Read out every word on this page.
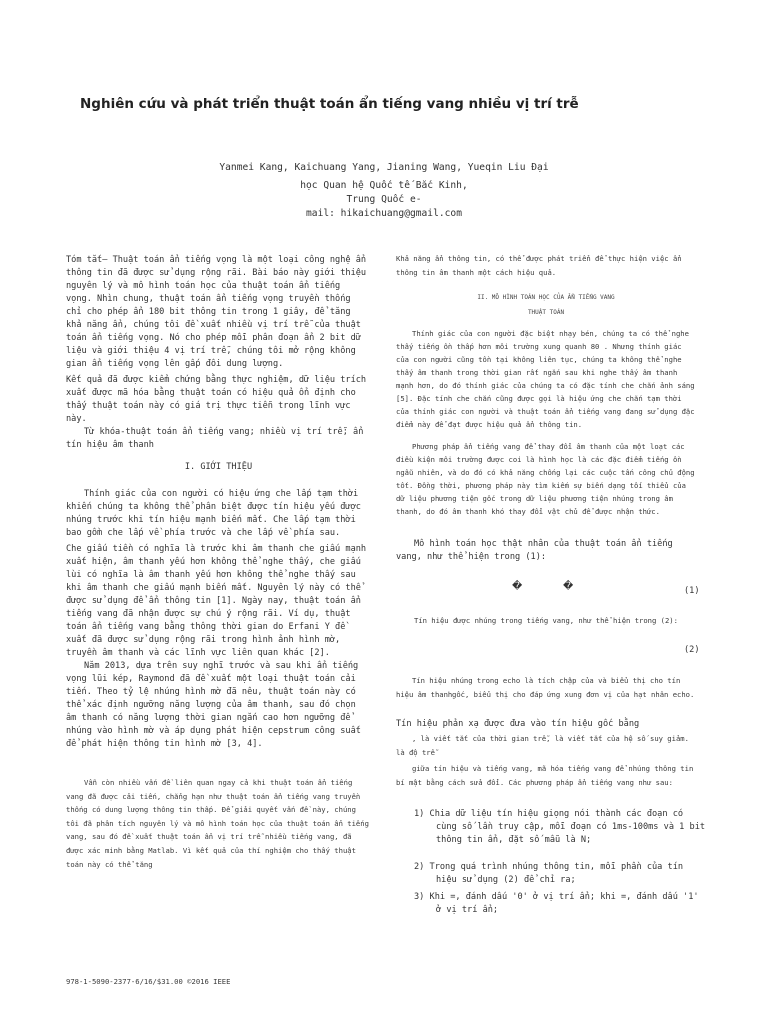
Nghiên cứu và phát triển thuật toán ẩn tiếng vang nhiều vị trí trễ
Yanmei Kang, Kaichuang Yang, Jianing Wang, Yueqin Liu Đại
học Quan hệ Quốc tế Bắc Kinh,
Trung Quốc e-
mail: hikaichuang@gmail.com

Tóm tắt— Thuật toán ẩn tiếng vọng là một loại công nghệ ẩn thông tin đã được sử dụng rộng rãi. Bài báo này giới thiệu nguyên lý và mô hình toán học của thuật toán ẩn tiếng vọng. Nhìn chung, thuật toán ẩn tiếng vọng truyền thống chỉ cho phép ẩn 180 bit thông tin trong 1 giây, để tăng khả năng ẩn, chúng tôi đề xuất nhiều vị trí trễ của thuật toán ẩn tiếng vọng. Nó cho phép mỗi phân đoạn ẩn 2 bit dữ liệu và giới thiệu 4 vị trí trễ, chúng tôi mở rộng không gian ẩn tiếng vọng lên gấp đôi dung lượng.

Kết quả đã được kiểm chứng bằng thực nghiệm, dữ liệu trích xuất được mã hóa bằng thuật toán có hiệu quả ổn định cho thấy thuật toán này có giá trị thực tiễn trong lĩnh vực này.

Từ khóa-thuật toán ẩn tiếng vang; nhiều vị trí trễ; ẩn tín hiệu âm thanh

I. GIỚI THIỆU

Thính giác của con người có hiệu ứng che lấp tạm thời khiến chúng ta không thể phân biệt được tín hiệu yếu được nhúng trước khi tín hiệu mạnh biến mất. Che lấp tạm thời bao gồm che lấp về phía trước và che lấp về phía sau.

Che giấu tiền có nghĩa là trước khi âm thanh che giấu mạnh xuất hiện, âm thanh yếu hơn không thể nghe thấy, che giấu lùi có nghĩa là âm thanh yếu hơn không thể nghe thấy sau khi âm thanh che giấu mạnh biến mất. Nguyên lý này có thể được sử dụng để ẩn thông tin [1]. Ngày nay, thuật toán ẩn tiếng vang đã nhận được sự chú ý rộng rãi. Ví dụ, thuật toán ẩn tiếng vang bằng thông thời gian do Erfani Y đề xuất đã được sử dụng rộng rãi trong hình ảnh hình mờ, truyền âm thanh và các lĩnh vực liên quan khác [2].

Năm 2013, dựa trên suy nghĩ trước và sau khi ẩn tiếng vọng lũi kép, Raymond đã đề xuất một loại thuật toán cải tiến. Theo tỷ lệ nhúng hình mờ đã nêu, thuật toán này có thể xác định ngưỡng năng lượng của âm thanh, sau đó chọn âm thanh có năng lượng thời gian ngắn cao hơn ngưỡng để nhúng vào hình mờ và áp dụng phát hiện cepstrum công suất để phát hiện thông tin hình mờ [3, 4].

Vẫn còn nhiều vấn đề liên quan ngay cả khi thuật toán ẩn tiếng vang đã được cải tiến, chẳng hạn như thuật toán ẩn tiếng vang truyền thống có dung lượng thông tin thấp. Để giải quyết vấn đề này, chúng tôi đã phân tích nguyên lý và mô hình toán học của thuật toán ẩn tiếng vang, sau đó đề xuất thuật toán ẩn vị trí trễ nhiều tiếng vang, đã được xác minh bằng Matlab. Vì kết quả của thí nghiệm cho thấy thuật toán này có thể tăng

978-1-5090-2377-6/16/$31.00 ©2016 IEEE

Khả năng ẩn thông tin, có thể được phát triển để thực hiện việc ẩn thông tin âm thanh một cách hiệu quả.

II. MÔ HÌNH TOÁN HỌC CỦA ẨN TIẾNG VANG
THUẬT TOÁN

Thính giác của con người đặc biệt nhạy bén, chúng ta có thể nghe thấy tiếng ồn thấp hơn môi trường xung quanh 80 . Nhưng thính giác của con người cũng tồn tại không liên tục, chúng ta không thể nghe thấy âm thanh trong thời gian rất ngắn sau khi nghe thấy âm thanh mạnh hơn, do đó thính giác của chúng ta có đặc tính che chắn ảnh sáng [5]. Đặc tính che chắn cũng được gọi là hiệu ứng che chắn tạm thời của thính giác con người và thuật toán ẩn tiếng vang đang sử dụng đặc điểm này để đạt được hiệu quả ẩn thông tin.

Phương pháp ẩn tiếng vang để thay đổi âm thanh của một loạt các điều kiện môi trường được coi là hình học là các đặc điểm tiếng ồn ngẫu nhiên, và do đó có khả năng chống lại các cuộc tấn công chủ động tốt. Đồng thời, phương pháp này tìm kiếm sự biến dạng tối thiểu của dữ liệu phương tiện gốc trong dữ liệu phương tiện nhúng trong âm thanh, do đó âm thanh khó thay đổi vật chủ để được nhận thức.

Mô hình toán học thật nhân của thuật toán ẩn tiếng vang, như thể hiện trong (1):

�	�	(1)

Tín hiệu được nhúng trong tiếng vang, như thể hiện trong (2):

(2)

Tín hiệu nhúng trong echo là tích chập của và biểu thị cho tín hiệu âm thanh gốc, biểu thị cho đáp ứng xung đơn vị của hạt nhân echo.

Tín hiệu phản xạ được đưa vào tín hiệu gốc bằng

, là viết tắt của thời gian trễ, là viết tắt của hệ số suy giảm. là độ trễ

giữa tín hiệu và tiếng vang, mã hóa tiếng vang để nhúng thông tin bí mật bằng cách sửa đổi. Các phương pháp ẩn tiếng vang như sau:

1) Chia dữ liệu tín hiệu giọng nói thành các đoạn có cùng số lần truy cập, mỗi đoạn có 1ms-100ms và 1 bit thông tin ẩn, đặt số mẫu là N;
2) Trong quá trình nhúng thông tin, mỗi phần của tín hiệu sử dụng (2) để chỉ ra;
3) Khi =, đánh dấu '0' ở vị trí ẩn; khi =, đánh dấu '1' ở vị trí ẩn;
